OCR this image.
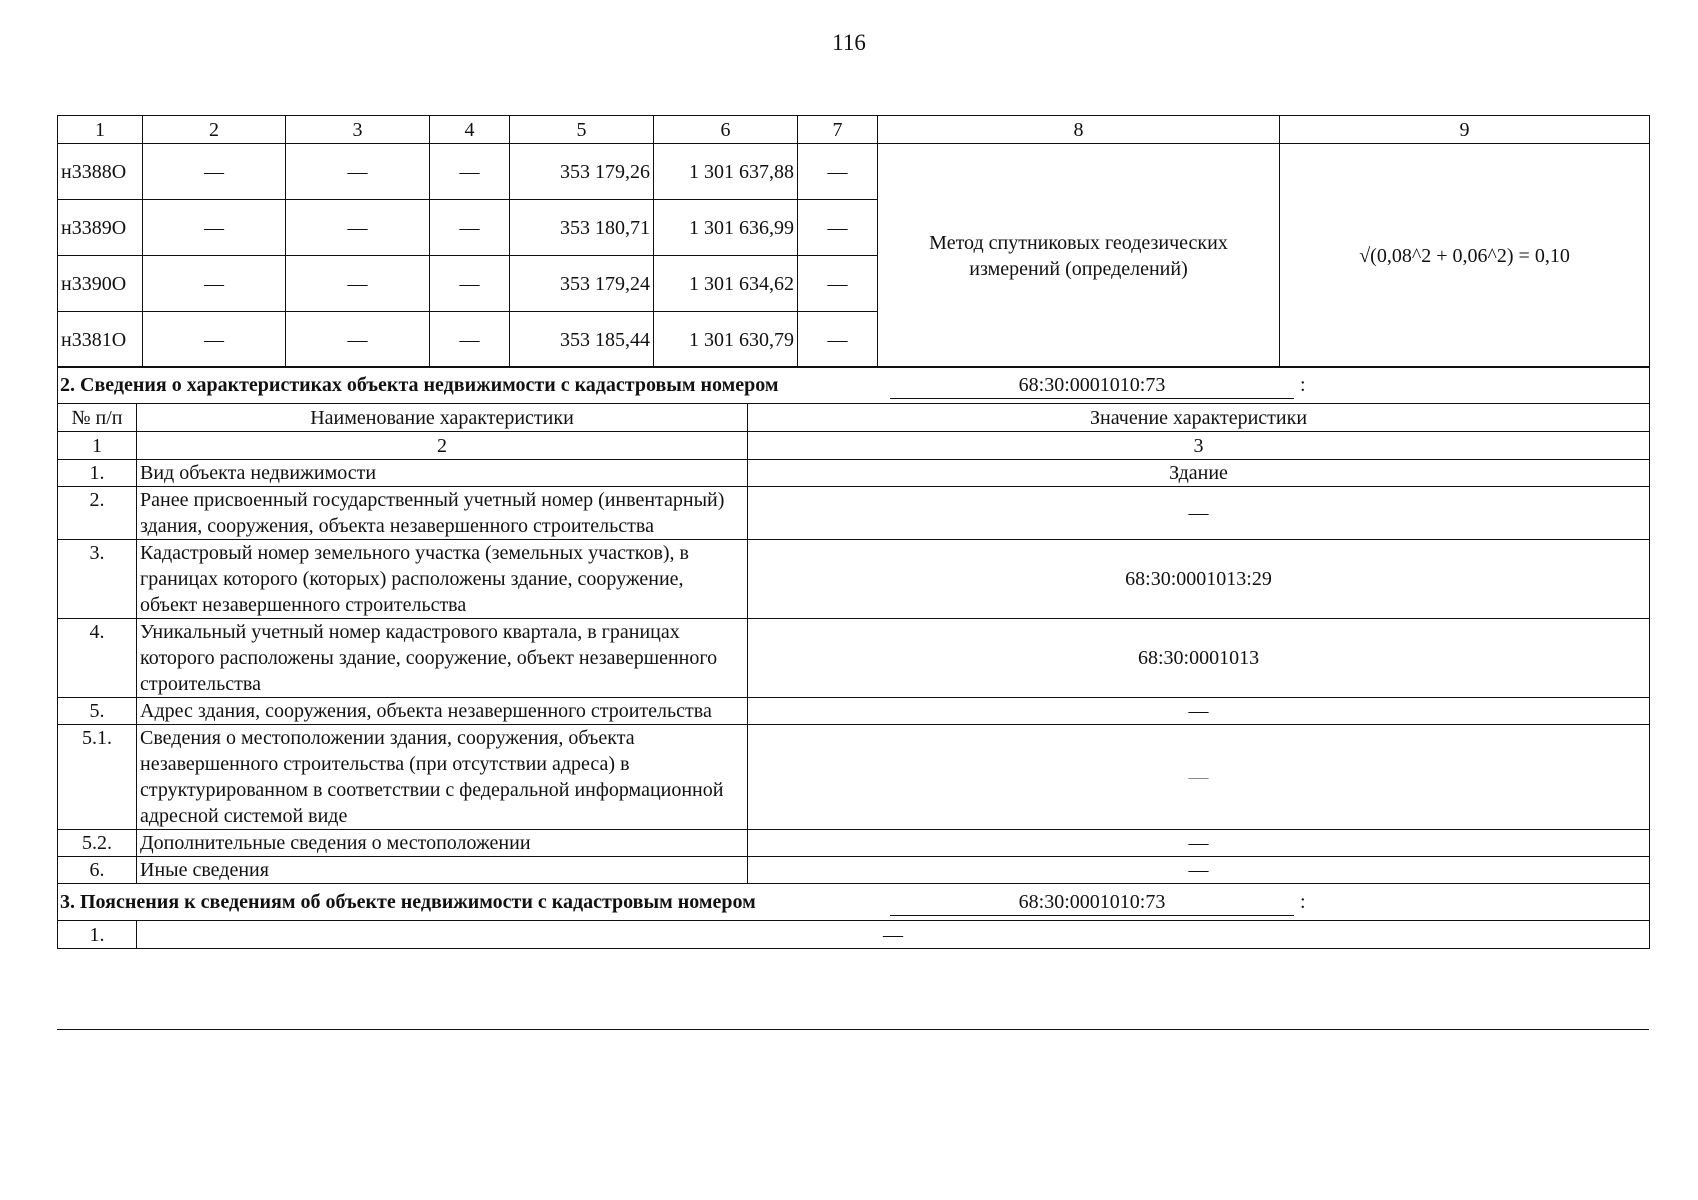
116
1	2	3	4	5	6	7	8	9
н3388О	—	—	—	353 179,26	1 301 637,88	—	Метод спутниковых геодезических измерений (определений)	√(0,08^2 + 0,06^2) = 0,10
н3389О	—	—	—	353 180,71	1 301 636,99	—		
н3390О	—	—	—	353 179,24	1 301 634,62	—		
н3381О	—	—	—	353 185,44	1 301 630,79	—		
2. Сведения о характеристиках объекта недвижимости с кадастровым номером 68:30:0001010:73 :		

№ п/п	Наименование характеристики	Значение характеристики
1	2	3
1.	Вид объекта недвижимости	Здание
2.	Ранее присвоенный государственный учетный номер (инвентарный) здания, сооружения, объекта незавершенного строительства	—
3.	Кадастровый номер земельного участка (земельных участков), в границах которого (которых) расположены здание, сооружение, объект незавершенного строительства	68:30:0001013:29
4.	Уникальный учетный номер кадастрового квартала, в границах которого расположены здание, сооружение, объект незавершенного строительства	68:30:0001013
5.	Адрес здания, сооружения, объекта незавершенного строительства	—
5.1.	Сведения о местоположении здания, сооружения, объекта незавершенного строительства (при отсутствии адреса) в структурированном в соответствии с федеральной информационной адресной системой виде	—
5.2.	Дополнительные сведения о местоположении	—
6.	Иные сведения	—

3. Пояснения к сведениям об объекте недвижимости с кадастровым номером 68:30:0001010:73 :		

1.	—	
